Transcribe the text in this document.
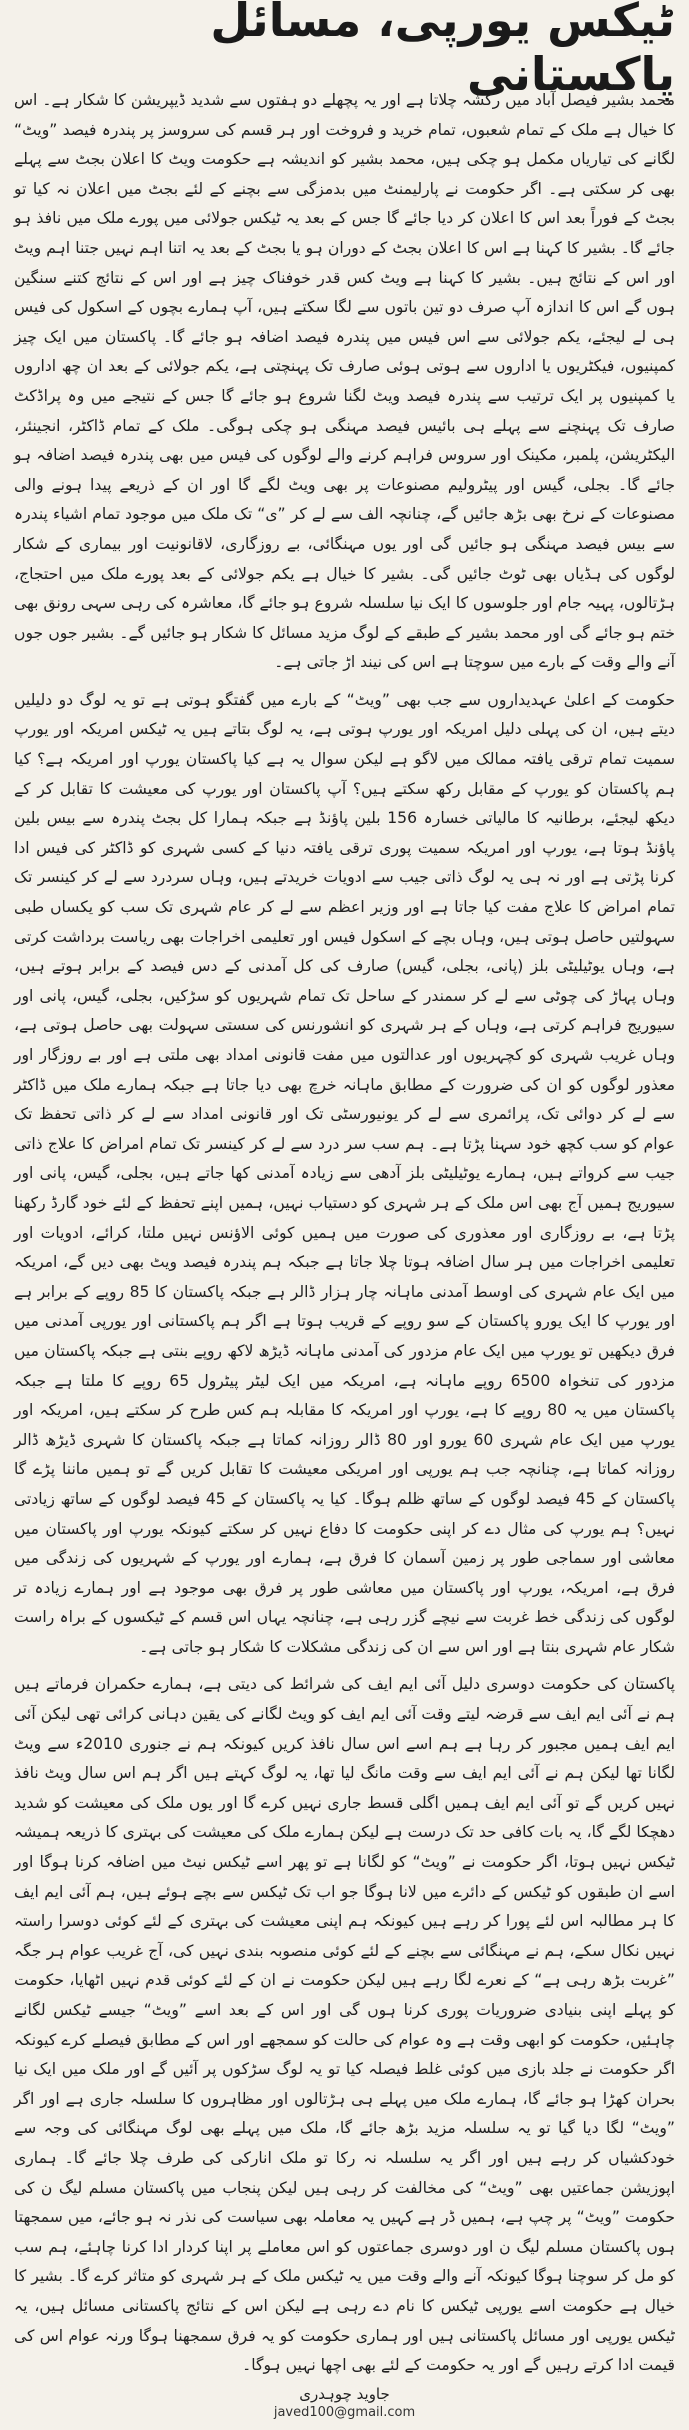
ٹیکس یورپی، مسائل پاکستانی

محمد بشیر فیصل آباد میں رکشہ چلاتا ہے اور یہ پچھلے دو ہفتوں سے شدید ڈیپریشن کا شکار ہے۔ اس کا خیال ہے ملک کے تمام شعبوں، تمام خرید و فروخت اور ہر قسم کی سروسز پر پندرہ فیصد ”ویٹ“ لگانے کی تیاریاں مکمل ہو چکی ہیں، محمد بشیر کو اندیشہ ہے حکومت ویٹ کا اعلان بجٹ سے پہلے بھی کر سکتی ہے۔ اگر حکومت نے پارلیمنٹ میں بدمزگی سے بچنے کے لئے بجٹ میں اعلان نہ کیا تو بجٹ کے فوراً بعد اس کا اعلان کر دیا جائے گا جس کے بعد یہ ٹیکس جولائی میں پورے ملک میں نافذ ہو جائے گا۔ بشیر کا کہنا ہے اس کا اعلان بجٹ کے دوران ہو یا بجٹ کے بعد یہ اتنا اہم نہیں جتنا اہم ویٹ اور اس کے نتائج ہیں۔ بشیر کا کہنا ہے ویٹ کس قدر خوفناک چیز ہے اور اس کے نتائج کتنے سنگین ہوں گے اس کا اندازہ آپ صرف دو تین باتوں سے لگا سکتے ہیں، آپ ہمارے بچوں کے اسکول کی فیس ہی لے لیجئے، یکم جولائی سے اس فیس میں پندرہ فیصد اضافہ ہو جائے گا۔ پاکستان میں ایک چیز کمپنیوں، فیکٹریوں یا اداروں سے ہوتی ہوئی صارف تک پہنچتی ہے، یکم جولائی کے بعد ان چھ اداروں یا کمپنیوں پر ایک ترتیب سے پندرہ فیصد ویٹ لگنا شروع ہو جائے گا جس کے نتیجے میں وہ پراڈکٹ صارف تک پہنچنے سے پہلے ہی بائیس فیصد مہنگی ہو چکی ہوگی۔ ملک کے تمام ڈاکٹر، انجینئر، الیکٹریشن، پلمبر، مکینک اور سروس فراہم کرنے والے لوگوں کی فیس میں بھی پندرہ فیصد اضافہ ہو جائے گا۔ بجلی، گیس اور پیٹرولیم مصنوعات پر بھی ویٹ لگے گا اور ان کے ذریعے پیدا ہونے والی مصنوعات کے نرخ بھی بڑھ جائیں گے، چنانچہ الف سے لے کر ”ی“ تک ملک میں موجود تمام اشیاء پندرہ سے بیس فیصد مہنگی ہو جائیں گی اور یوں مہنگائی، بے روزگاری، لاقانونیت اور بیماری کے شکار لوگوں کی ہڈیاں بھی ٹوٹ جائیں گی۔ بشیر کا خیال ہے یکم جولائی کے بعد پورے ملک میں احتجاج، ہڑتالوں، پہیہ جام اور جلوسوں کا ایک نیا سلسلہ شروع ہو جائے گا، معاشرہ کی رہی سہی رونق بھی ختم ہو جائے گی اور محمد بشیر کے طبقے کے لوگ مزید مسائل کا شکار ہو جائیں گے۔ بشیر جوں جوں آنے والے وقت کے بارے میں سوچتا ہے اس کی نیند اڑ جاتی ہے۔

حکومت کے اعلیٰ عہدیداروں سے جب بھی ”ویٹ“ کے بارے میں گفتگو ہوتی ہے تو یہ لوگ دو دلیلیں دیتے ہیں، ان کی پہلی دلیل امریکہ اور یورپ ہوتی ہے، یہ لوگ بتاتے ہیں یہ ٹیکس امریکہ اور یورپ سمیت تمام ترقی یافتہ ممالک میں لاگو ہے لیکن سوال یہ ہے کیا پاکستان یورپ اور امریکہ ہے؟ کیا ہم پاکستان کو یورپ کے مقابل رکھ سکتے ہیں؟ آپ پاکستان اور یورپ کی معیشت کا تقابل کر کے دیکھ لیجئے، برطانیہ کا مالیاتی خسارہ 156 بلین پاؤنڈ ہے جبکہ ہمارا کل بجٹ پندرہ سے بیس بلین پاؤنڈ ہوتا ہے، یورپ اور امریکہ سمیت پوری ترقی یافتہ دنیا کے کسی شہری کو ڈاکٹر کی فیس ادا کرنا پڑتی ہے اور نہ ہی یہ لوگ ذاتی جیب سے ادویات خریدتے ہیں، وہاں سردرد سے لے کر کینسر تک تمام امراض کا علاج مفت کیا جاتا ہے اور وزیر اعظم سے لے کر عام شہری تک سب کو یکساں طبی سہولتیں حاصل ہوتی ہیں، وہاں بچے کے اسکول فیس اور تعلیمی اخراجات بھی ریاست برداشت کرتی ہے، وہاں یوٹیلیٹی بلز (پانی، بجلی، گیس) صارف کی کل آمدنی کے دس فیصد کے برابر ہوتے ہیں، وہاں پہاڑ کی چوٹی سے لے کر سمندر کے ساحل تک تمام شہریوں کو سڑکیں، بجلی، گیس، پانی اور سیوریج فراہم کرتی ہے، وہاں کے ہر شہری کو انشورنس کی سستی سہولت بھی حاصل ہوتی ہے، وہاں غریب شہری کو کچہریوں اور عدالتوں میں مفت قانونی امداد بھی ملتی ہے اور بے روزگار اور معذور لوگوں کو ان کی ضرورت کے مطابق ماہانہ خرچ بھی دیا جاتا ہے جبکہ ہمارے ملک میں ڈاکٹر سے لے کر دوائی تک، پرائمری سے لے کر یونیورسٹی تک اور قانونی امداد سے لے کر ذاتی تحفظ تک عوام کو سب کچھ خود سہنا پڑتا ہے۔ ہم سب سر درد سے لے کر کینسر تک تمام امراض کا علاج ذاتی جیب سے کرواتے ہیں، ہمارے یوٹیلیٹی بلز آدھی سے زیادہ آمدنی کھا جاتے ہیں، بجلی، گیس، پانی اور سیوریج ہمیں آج بھی اس ملک کے ہر شہری کو دستیاب نہیں، ہمیں اپنے تحفظ کے لئے خود گارڈ رکھنا پڑتا ہے، بے روزگاری اور معذوری کی صورت میں ہمیں کوئی الاؤنس نہیں ملتا، کرائے، ادویات اور تعلیمی اخراجات میں ہر سال اضافہ ہوتا چلا جاتا ہے جبکہ ہم پندرہ فیصد ویٹ بھی دیں گے، امریکہ میں ایک عام شہری کی اوسط آمدنی ماہانہ چار ہزار ڈالر ہے جبکہ پاکستان کا 85 روپے کے برابر ہے اور یورپ کا ایک یورو پاکستان کے سو روپے کے قریب ہوتا ہے اگر ہم پاکستانی اور یورپی آمدنی میں فرق دیکھیں تو یورپ میں ایک عام مزدور کی آمدنی ماہانہ ڈیڑھ لاکھ روپے بنتی ہے جبکہ پاکستان میں مزدور کی تنخواہ 6500 روپے ماہانہ ہے، امریکہ میں ایک لیٹر پیٹرول 65 روپے کا ملتا ہے جبکہ پاکستان میں یہ 80 روپے کا ہے، یورپ اور امریکہ کا مقابلہ ہم کس طرح کر سکتے ہیں، امریکہ اور یورپ میں ایک عام شہری 60 یورو اور 80 ڈالر روزانہ کماتا ہے جبکہ پاکستان کا شہری ڈیڑھ ڈالر روزانہ کماتا ہے، چنانچہ جب ہم یورپی اور امریکی معیشت کا تقابل کریں گے تو ہمیں ماننا پڑے گا پاکستان کے 45 فیصد لوگوں کے ساتھ ظلم ہوگا۔ کیا یہ پاکستان کے 45 فیصد لوگوں کے ساتھ زیادتی نہیں؟ ہم یورپ کی مثال دے کر اپنی حکومت کا دفاع نہیں کر سکتے کیونکہ یورپ اور پاکستان میں معاشی اور سماجی طور پر زمین آسمان کا فرق ہے، ہمارے اور یورپ کے شہریوں کی زندگی میں فرق ہے، امریکہ، یورپ اور پاکستان میں معاشی طور پر فرق بھی موجود ہے اور ہمارے زیادہ تر لوگوں کی زندگی خط غربت سے نیچے گزر رہی ہے، چنانچہ یہاں اس قسم کے ٹیکسوں کے براہ راست شکار عام شہری بنتا ہے اور اس سے ان کی زندگی مشکلات کا شکار ہو جاتی ہے۔

پاکستان کی حکومت دوسری دلیل آئی ایم ایف کی شرائط کی دیتی ہے، ہمارے حکمران فرماتے ہیں ہم نے آئی ایم ایف سے قرضہ لیتے وقت آئی ایم ایف کو ویٹ لگانے کی یقین دہانی کرائی تھی لیکن آئی ایم ایف ہمیں مجبور کر رہا ہے ہم اسے اس سال نافذ کریں کیونکہ ہم نے جنوری 2010ء سے ویٹ لگانا تھا لیکن ہم نے آئی ایم ایف سے وقت مانگ لیا تھا، یہ لوگ کہتے ہیں اگر ہم اس سال ویٹ نافذ نہیں کریں گے تو آئی ایم ایف ہمیں اگلی قسط جاری نہیں کرے گا اور یوں ملک کی معیشت کو شدید دھچکا لگے گا، یہ بات کافی حد تک درست ہے لیکن ہمارے ملک کی معیشت کی بہتری کا ذریعہ ہمیشہ ٹیکس نہیں ہوتا، اگر حکومت نے ”ویٹ“ کو لگانا ہے تو پھر اسے ٹیکس نیٹ میں اضافہ کرنا ہوگا اور اسے ان طبقوں کو ٹیکس کے دائرے میں لانا ہوگا جو اب تک ٹیکس سے بچے ہوئے ہیں، ہم آئی ایم ایف کا ہر مطالبہ اس لئے پورا کر رہے ہیں کیونکہ ہم اپنی معیشت کی بہتری کے لئے کوئی دوسرا راستہ نہیں نکال سکے، ہم نے مہنگائی سے بچنے کے لئے کوئی منصوبہ بندی نہیں کی، آج غریب عوام ہر جگہ ”غربت بڑھ رہی ہے“ کے نعرے لگا رہے ہیں لیکن حکومت نے ان کے لئے کوئی قدم نہیں اٹھایا، حکومت کو پہلے اپنی بنیادی ضروریات پوری کرنا ہوں گی اور اس کے بعد اسے ”ویٹ“ جیسے ٹیکس لگانے چاہئیں، حکومت کو ابھی وقت ہے وہ عوام کی حالت کو سمجھے اور اس کے مطابق فیصلے کرے کیونکہ اگر حکومت نے جلد بازی میں کوئی غلط فیصلہ کیا تو یہ لوگ سڑکوں پر آئیں گے اور ملک میں ایک نیا بحران کھڑا ہو جائے گا، ہمارے ملک میں پہلے ہی ہڑتالوں اور مظاہروں کا سلسلہ جاری ہے اور اگر ”ویٹ“ لگا دیا گیا تو یہ سلسلہ مزید بڑھ جائے گا، ملک میں پہلے بھی لوگ مہنگائی کی وجہ سے خودکشیاں کر رہے ہیں اور اگر یہ سلسلہ نہ رکا تو ملک انارکی کی طرف چلا جائے گا۔ ہماری اپوزیشن جماعتیں بھی ”ویٹ“ کی مخالفت کر رہی ہیں لیکن پنجاب میں پاکستان مسلم لیگ ن کی حکومت ”ویٹ“ پر چپ ہے، ہمیں ڈر ہے کہیں یہ معاملہ بھی سیاست کی نذر نہ ہو جائے، میں سمجھتا ہوں پاکستان مسلم لیگ ن اور دوسری جماعتوں کو اس معاملے پر اپنا کردار ادا کرنا چاہئے، ہم سب کو مل کر سوچنا ہوگا کیونکہ آنے والے وقت میں یہ ٹیکس ملک کے ہر شہری کو متاثر کرے گا۔ بشیر کا خیال ہے حکومت اسے یورپی ٹیکس کا نام دے رہی ہے لیکن اس کے نتائج پاکستانی مسائل ہیں، یہ ٹیکس یورپی اور مسائل پاکستانی ہیں اور ہماری حکومت کو یہ فرق سمجھنا ہوگا ورنہ عوام اس کی قیمت ادا کرتے رہیں گے اور یہ حکومت کے لئے بھی اچھا نہیں ہوگا۔

جاوید چوہدری
javed100@gmail.com
